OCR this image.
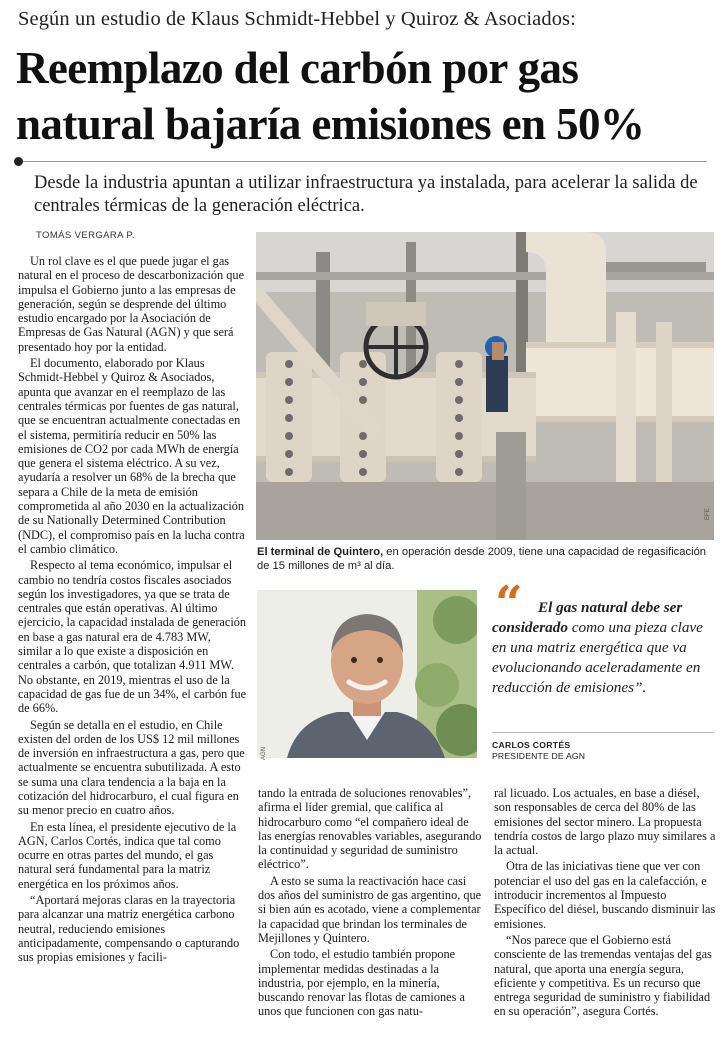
Según un estudio de Klaus Schmidt-Hebbel y Quiroz & Asociados:
Reemplazo del carbón por gas
natural bajaría emisiones en 50%
Desde la industria apuntan a utilizar infraestructura ya instalada, para acelerar la salida de centrales térmicas de la generación eléctrica.
TOMÁS VERGARA P.

Un rol clave es el que puede jugar el gas natural en el proceso de descarbonización que impulsa el Gobierno junto a las empresas de generación, según se desprende del último estudio encargado por la Asociación de Empresas de Gas Natural (AGN) y que será presentado hoy por la entidad.

El documento, elaborado por Klaus Schmidt-Hebbel y Quiroz & Asociados, apunta que avanzar en el reemplazo de las centrales térmicas por fuentes de gas natural, que se encuentran actualmente conectadas en el sistema, permitiría reducir en 50% las emisiones de CO2 por cada MWh de energía que genera el sistema eléctrico. A su vez, ayudaría a resolver un 68% de la brecha que separa a Chile de la meta de emisión comprometida al año 2030 en la actualización de su Nationally Determined Contribution (NDC), el compromiso país en la lucha contra el cambio climático.

Respecto al tema económico, impulsar el cambio no tendría costos fiscales asociados según los investigadores, ya que se trata de centrales que están operativas. Al último ejercicio, la capacidad instalada de generación en base a gas natural era de 4.783 MW, similar a lo que existe a disposición en centrales a carbón, que totalizan 4.911 MW. No obstante, en 2019, mientras el uso de la capacidad de gas fue de un 34%, el carbón fue de 66%.

Según se detalla en el estudio, en Chile existen del orden de los US$ 12 mil millones de inversión en infraestructura a gas, pero que actualmente se encuentra subutilizada. A esto se suma una clara tendencia a la baja en la cotización del hidrocarburo, el cual figura en su menor precio en cuatro años.

En esta línea, el presidente ejecutivo de la AGN, Carlos Cortés, indica que tal como ocurre en otras partes del mundo, el gas natural será fundamental para la matriz energética en los próximos años.

“Aportará mejoras claras en la trayectoria para alcanzar una matriz energética carbono neutral, reduciendo emisiones anticipadamente, compensando o capturando sus propias emisiones y facili-

EFE
El terminal de Quintero, en operación desde 2009, tiene una capacidad de regasificación de 15 millones de m³ al día.
AGN
“	El gas natural debe ser considerado como una pieza clave en una matriz energética que va evolucionando aceleradamente en reducción de emisiones”.
CARLOS CORTÉS
PRESIDENTE DE AGN

tando la entrada de soluciones renovables”, afirma el líder gremial, que califica al hidrocarburo como “el compañero ideal de las energías renovables variables, asegurando la continuidad y seguridad de suministro eléctrico”.

A esto se suma la reactivación hace casi dos años del suministro de gas argentino, que si bien aún es acotado, viene a complementar la capacidad que brindan los terminales de Mejillones y Quintero.

Con todo, el estudio también propone implementar medidas destinadas a la industria, por ejemplo, en la minería, buscando renovar las flotas de camiones a unos que funcionen con gas natu-

ral licuado. Los actuales, en base a diésel, son responsables de cerca del 80% de las emisiones del sector minero. La propuesta tendría costos de largo plazo muy similares a la actual.

Otra de las iniciativas tiene que ver con potenciar el uso del gas en la calefacción, e introducir incrementos al Impuesto Específico del diésel, buscando disminuir las emisiones.

“Nos parece que el Gobierno está consciente de las tremendas ventajas del gas natural, que aporta una energía segura, eficiente y competitiva. Es un recurso que entrega seguridad de suministro y fiabilidad en su operación”, asegura Cortés.
